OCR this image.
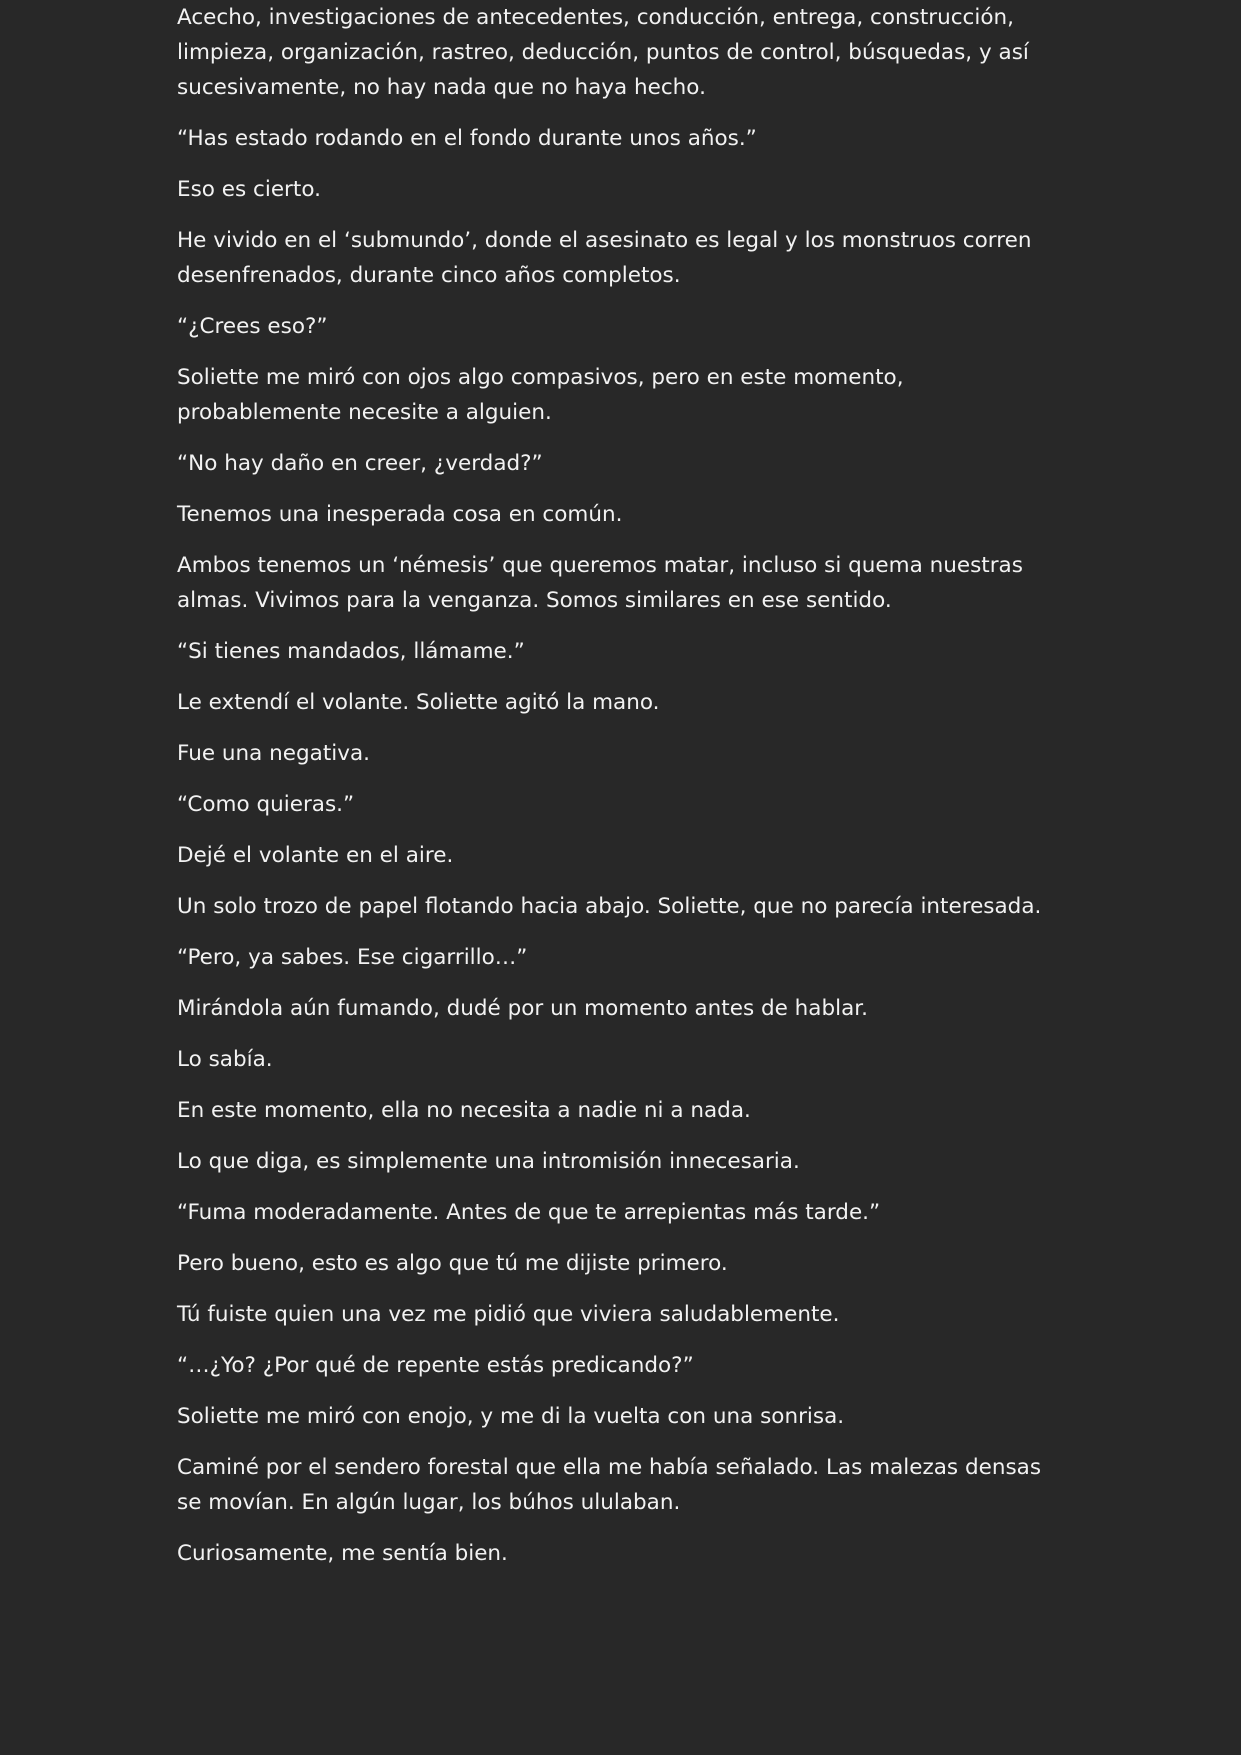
Acecho, investigaciones de antecedentes, conducción, entrega, construcción, limpieza, organización, rastreo, deducción, puntos de control, búsquedas, y así sucesivamente, no hay nada que no haya hecho.

“Has estado rodando en el fondo durante unos años.”

Eso es cierto.

He vivido en el ‘submundo’, donde el asesinato es legal y los monstruos corren desenfrenados, durante cinco años completos.

“¿Crees eso?”

Soliette me miró con ojos algo compasivos, pero en este momento, probablemente necesite a alguien.

“No hay daño en creer, ¿verdad?”

Tenemos una inesperada cosa en común.

Ambos tenemos un ‘némesis’ que queremos matar, incluso si quema nuestras almas. Vivimos para la venganza. Somos similares en ese sentido.

“Si tienes mandados, llámame.”

Le extendí el volante. Soliette agitó la mano.

Fue una negativa.

“Como quieras.”

Dejé el volante en el aire.

Un solo trozo de papel flotando hacia abajo. Soliette, que no parecía interesada.

“Pero, ya sabes. Ese cigarrillo…”

Mirándola aún fumando, dudé por un momento antes de hablar.

Lo sabía.

En este momento, ella no necesita a nadie ni a nada.

Lo que diga, es simplemente una intromisión innecesaria.

“Fuma moderadamente. Antes de que te arrepientas más tarde.”

Pero bueno, esto es algo que tú me dijiste primero.

Tú fuiste quien una vez me pidió que viviera saludablemente.

“…¿Yo? ¿Por qué de repente estás predicando?”

Soliette me miró con enojo, y me di la vuelta con una sonrisa.

Caminé por el sendero forestal que ella me había señalado. Las malezas densas se movían. En algún lugar, los búhos ululaban.

Curiosamente, me sentía bien.
